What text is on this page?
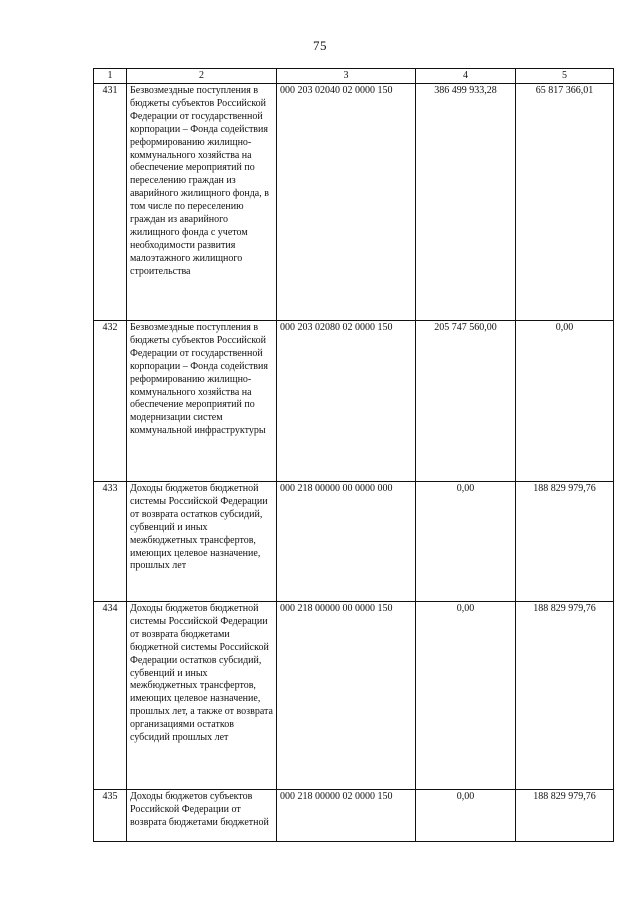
75
1	2	3	4	5
431	Безвозмездные поступления в бюджеты субъектов Российской Федерации от государственной корпорации – Фонда содействия реформированию жилищно-коммунального хозяйства на обеспечение мероприятий по переселению граждан из аварийного жилищного фонда, в том числе по переселению граждан из аварийного жилищного фонда с учетом необходимости развития малоэтажного жилищного строительства	000 203 02040 02 0000 150	386 499 933,28	65 817 366,01
432	Безвозмездные поступления в бюджеты субъектов Российской Федерации от государственной корпорации – Фонда содействия реформированию жилищно-коммунального хозяйства на обеспечение мероприятий по модернизации систем коммунальной инфраструктуры	000 203 02080 02 0000 150	205 747 560,00	0,00
433	Доходы бюджетов бюджетной системы Российской Федерации от возврата остатков субсидий, субвенций и иных межбюджетных трансфертов, имеющих целевое назначение, прошлых лет	000 218 00000 00 0000 000	0,00	188 829 979,76
434	Доходы бюджетов бюджетной системы Российской Федерации от возврата бюджетами бюджетной системы Российской Федерации остатков субсидий, субвенций и иных межбюджетных трансфертов, имеющих целевое назначение, прошлых лет, а также от возврата организациями остатков субсидий прошлых лет	000 218 00000 00 0000 150	0,00	188 829 979,76
435	Доходы бюджетов субъектов Российской Федерации от возврата бюджетами бюджетной	000 218 00000 02 0000 150	0,00	188 829 979,76
